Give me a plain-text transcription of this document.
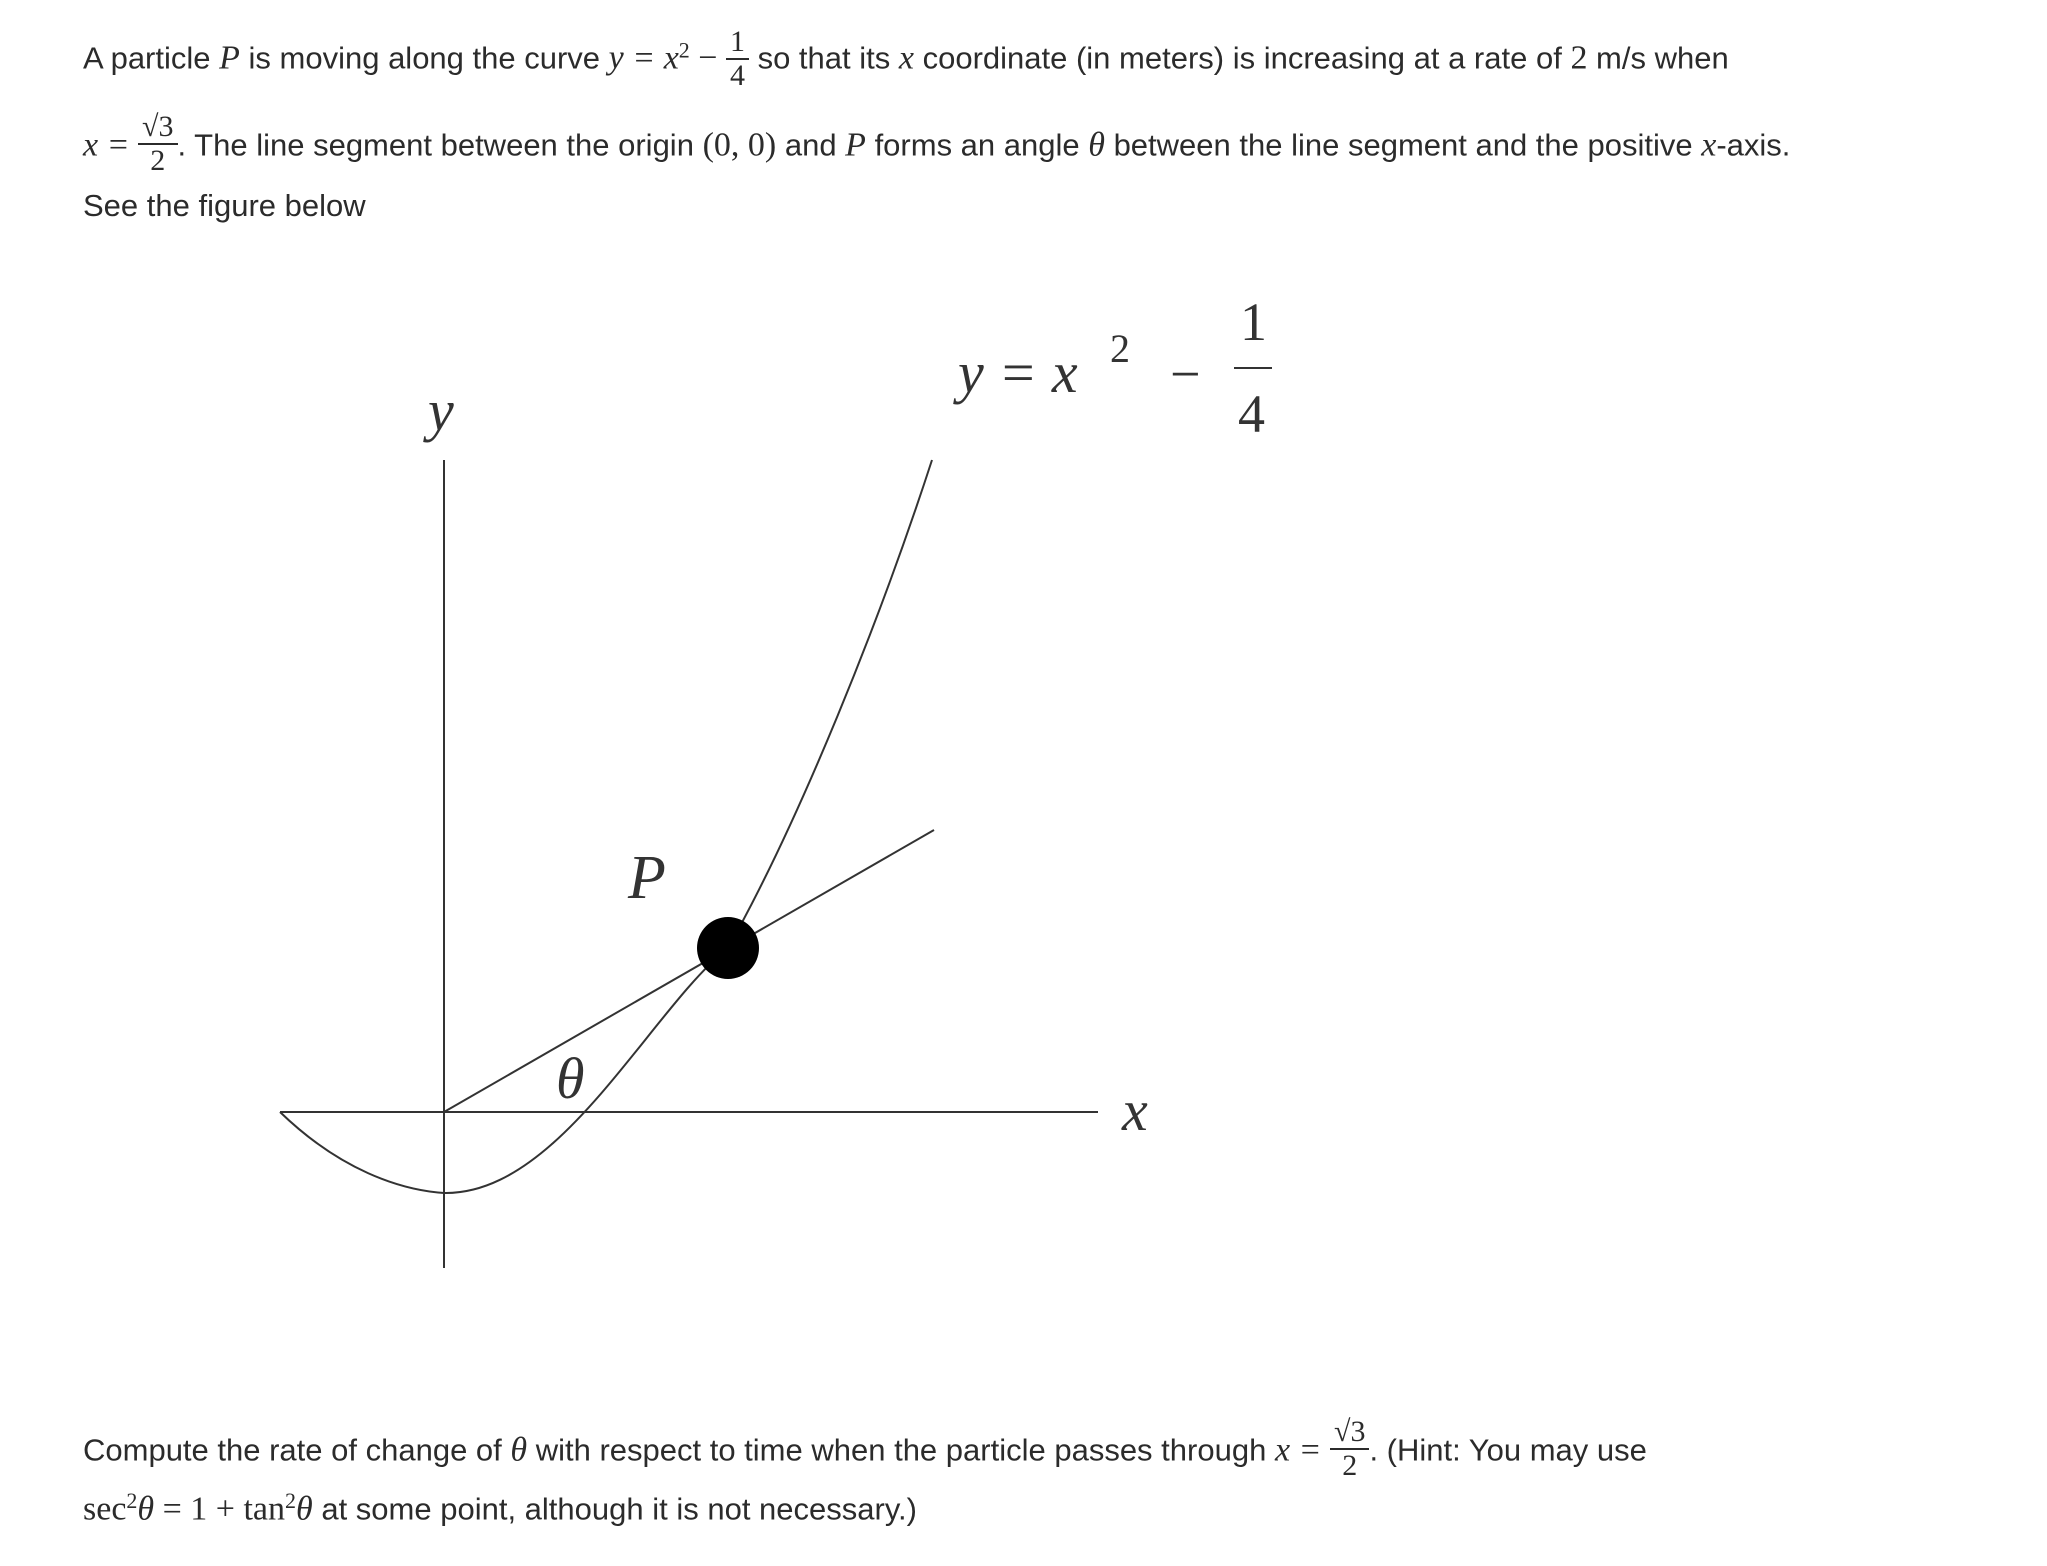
A particle P is moving along the curve $y = x^2 - \frac{1}{4}$ so that its x coordinate (in meters) is increasing at a rate of 2 m/s when
$x = \frac{√3}{2}$ . The line segment between the origin (0, 0) and P forms an angle θ between the line segment and the positive x-axis.
See the figure below
y
x
P
θ
y = x 2 −
1
4
Compute the rate of change of θ with respect to time when the particle passes through $x = \frac{√3}{2}$ . (Hint: You may use
$\sec^2\theta = 1 + \tan^2\theta$ at some point, although it is not necessary.)
